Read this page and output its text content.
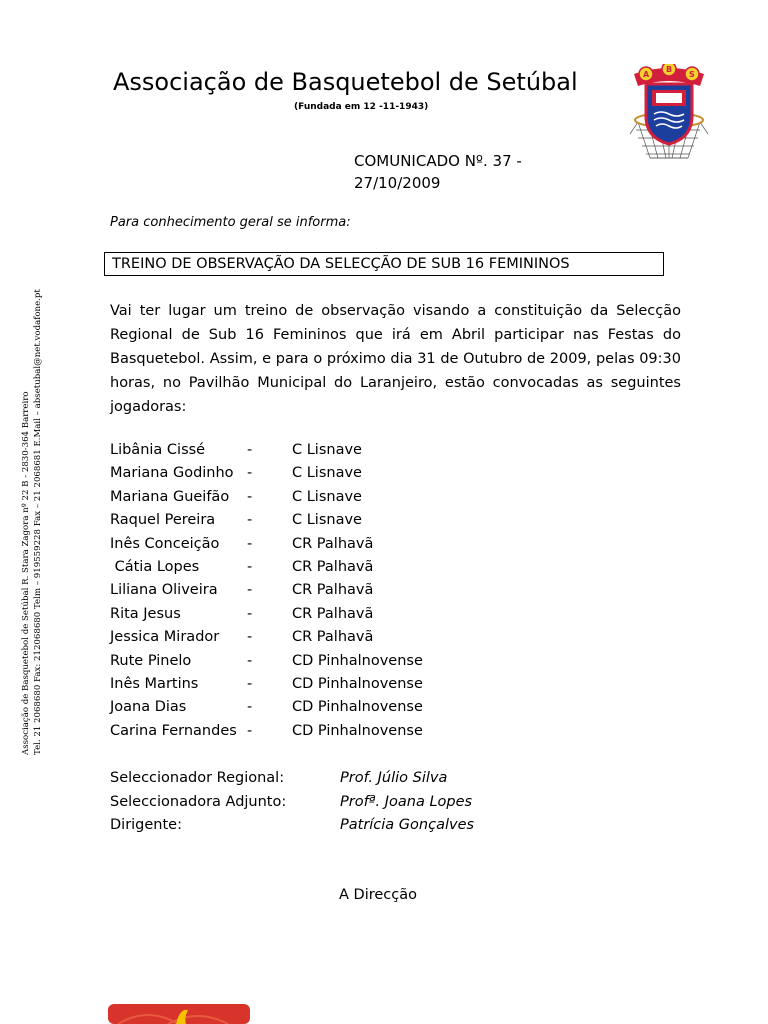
Associação de Basquetebol de Setúbal
(Fundada em 12 -11-1943)
A
B
S
COMUNICADO Nº. 37 -
27/10/2009
Para conhecimento geral se informa:
TREINO DE OBSERVAÇÃO DA SELECÇÃO DE SUB 16 FEMININOS
Vai ter lugar um treino de observação visando a constituição da Selecção Regional de Sub 16 Femininos que irá em Abril participar nas Festas do Basquetebol. Assim, e para o próximo dia 31 de Outubro de 2009, pelas 09:30 horas, no Pavilhão Municipal do Laranjeiro, estão convocadas as seguintes jogadoras:
Libânia Cissé	-	C Lisnave
Mariana Godinho -	C Lisnave
Mariana Gueifão -	C Lisnave
Raquel Pereira -	C Lisnave
Inês Conceição -	CR Palhavã
Cátia Lopes	-	CR Palhavã
Liliana Oliveira -	CR Palhavã
Rita Jesus	-	CR Palhavã
Jessica Mirador -	CR Palhavã
Rute Pinelo	-	CD Pinhalnovense
Inês Martins	-	CD Pinhalnovense
Joana Dias	-	CD Pinhalnovense
Carina Fernandes -	CD Pinhalnovense
Seleccionador Regional:	Prof. Júlio Silva
Seleccionadora Adjunto:	Profª. Joana Lopes
Dirigente:	Patrícia Gonçalves
A Direcção
Associação de Basquetebol de Setúbal R. Stara Zagora nº 22 B - 2830-364 Barreiro Tel. 21 2068680 Fax: 212068680 Telm – 919559228 Fax – 21 2068681 E.Mail – absetubal@net.vodafone.pt
